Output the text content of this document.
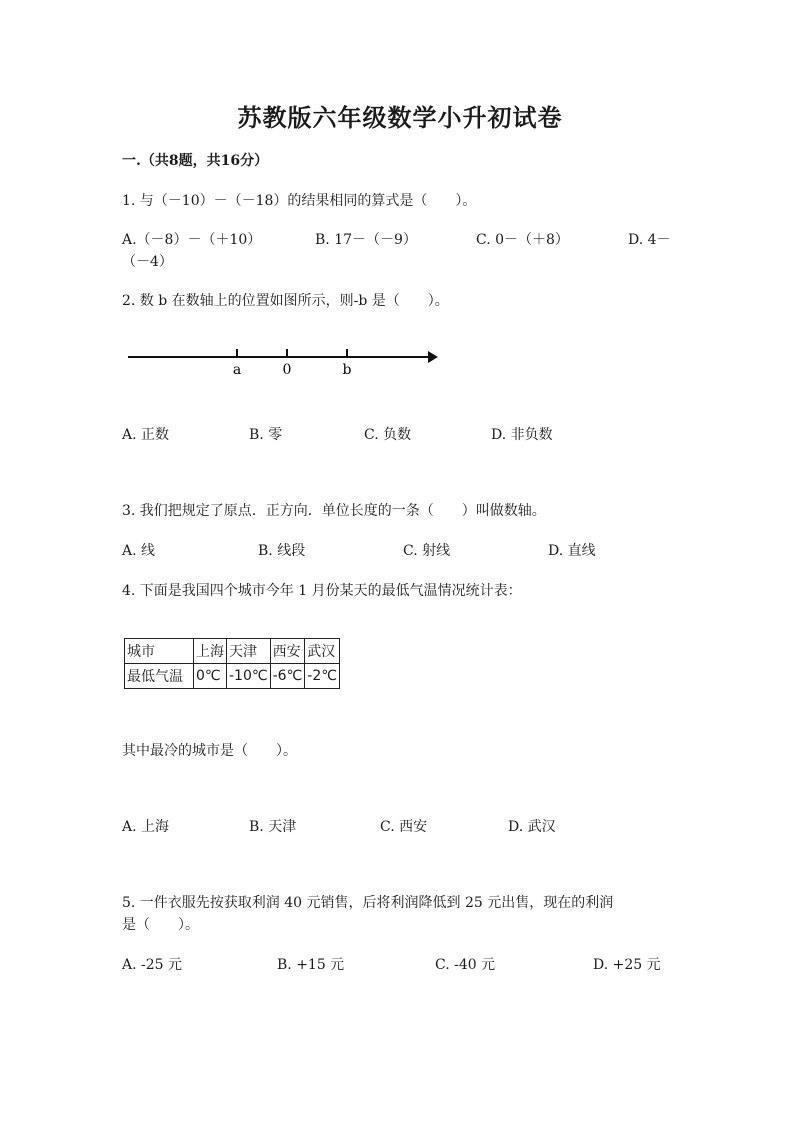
苏教版六年级数学小升初试卷
一.（共8题，共16分）
1. 与（－10）－（－18）的结果相同的算式是（　　）。
A.（－8）－（＋10）	B. 17－（－9）	C. 0－（＋8）	D. 4－
（－4）
2. 数 b 在数轴上的位置如图所示，则-b 是（　　）。
a	0	b
A. 正数	B. 零	C. 负数	D. 非负数
3. 我们把规定了原点．正方向．单位长度的一条（　　）叫做数轴。
A. 线	B. 线段	C. 射线	D. 直线
4. 下面是我国四个城市今年 1 月份某天的最低气温情况统计表：
城市	上海	天津	西安	武汉
最低气温	0℃	-10℃	-6℃	-2℃
其中最冷的城市是（　　）。
A. 上海	B. 天津	C. 西安	D. 武汉
5. 一件衣服先按获取利润 40 元销售，后将利润降低到 25 元出售，现在的利润
是（　　）。
A. -25 元	B. +15 元	C. -40 元	D. +25 元
